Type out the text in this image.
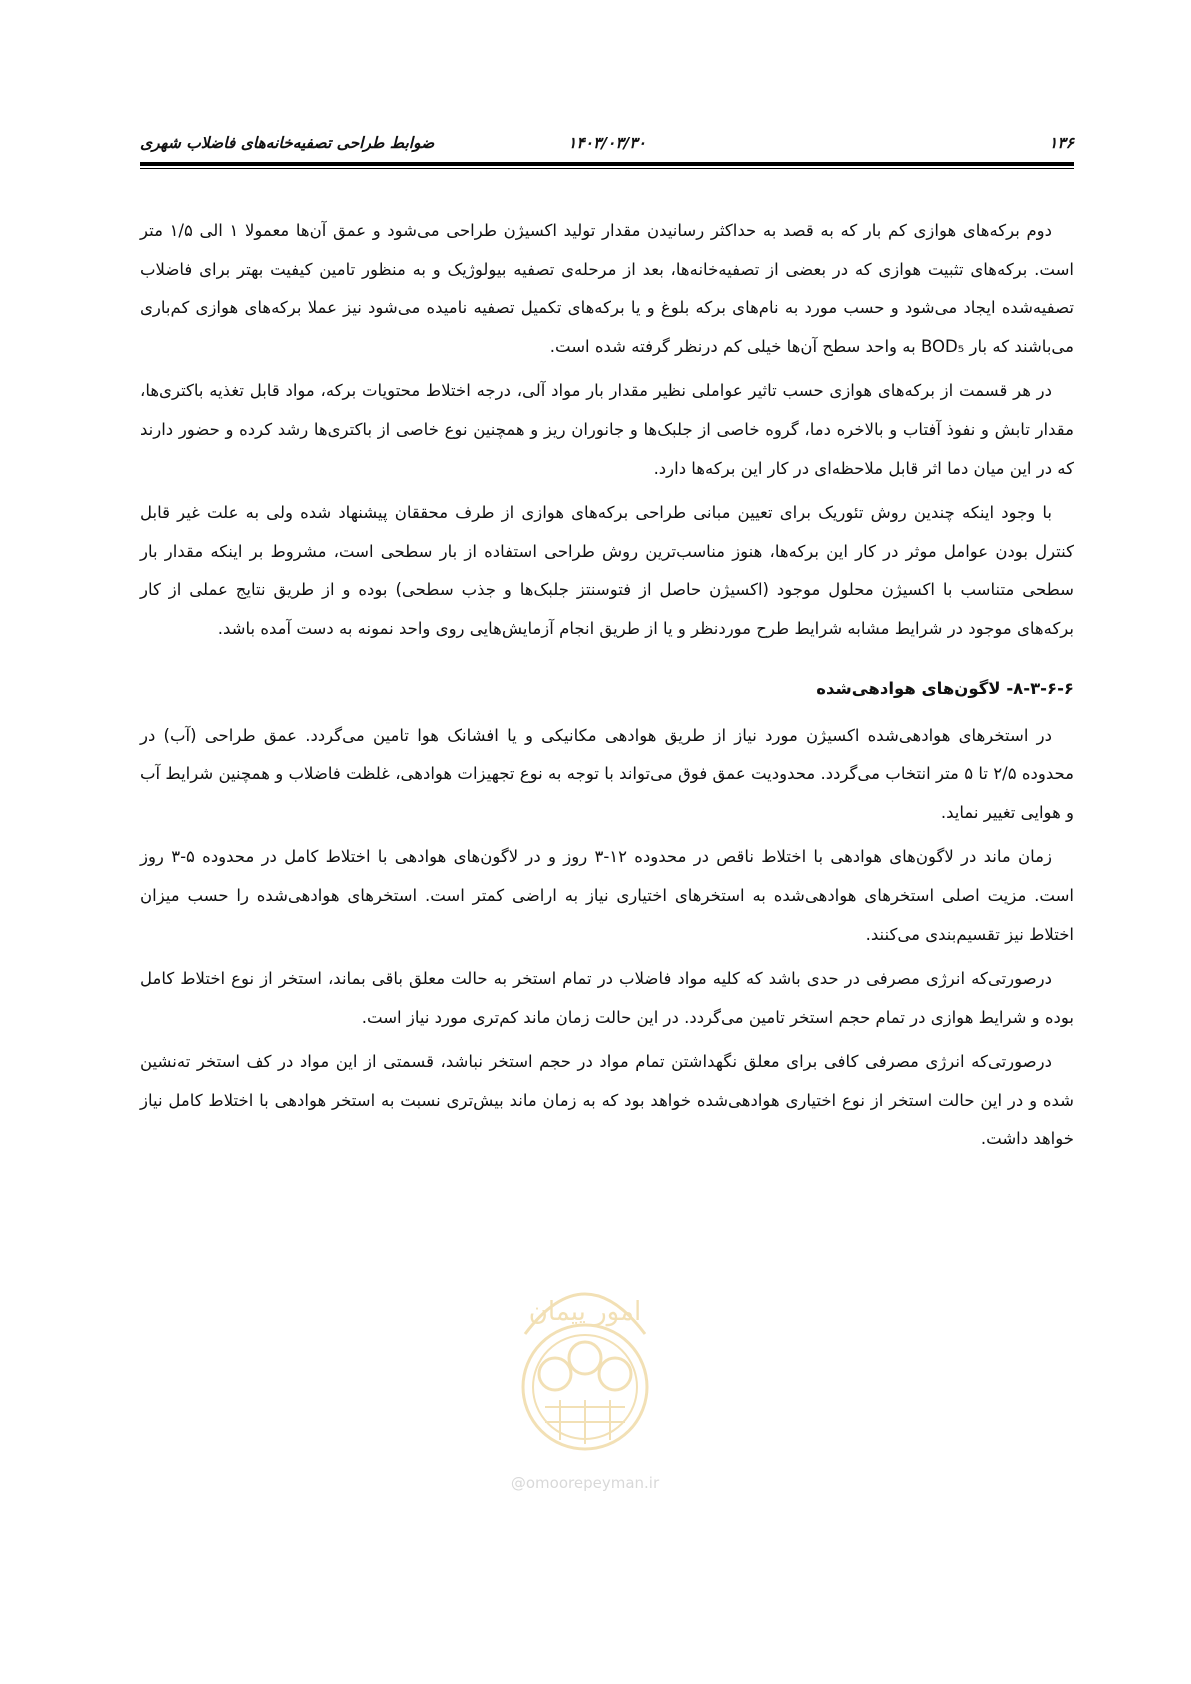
۱۳۶
۱۴۰۳/۰۳/۳۰
ضوابط طراحی تصفیه‌خانه‌های فاضلاب شهری

دوم برکه‌های هوازی کم بار که به قصد به حداکثر رسانیدن مقدار تولید اکسیژن طراحی می‌شود و عمق آن‌ها معمولا ۱ الی ۱/۵ متر است. برکه‌های تثبیت هوازی که در بعضی از تصفیه‌خانه‌ها، بعد از مرحله‌ی تصفیه بیولوژیک و به منظور تامین کیفیت بهتر برای فاضلاب تصفیه‌شده ایجاد می‌شود و حسب مورد به نام‌های برکه بلوغ و یا برکه‌های تکمیل تصفیه نامیده می‌شود نیز عملا برکه‌های هوازی کم‌باری می‌باشند که بار BOD₅ به واحد سطح آن‌ها خیلی کم درنظر گرفته شده است.

در هر قسمت از برکه‌های هوازی حسب تاثیر عواملی نظیر مقدار بار مواد آلی، درجه اختلاط محتویات برکه، مواد قابل تغذیه باکتری‌ها، مقدار تابش و نفوذ آفتاب و بالاخره دما، گروه خاصی از جلبک‌ها و جانوران ریز و همچنین نوع خاصی از باکتری‌ها رشد کرده و حضور دارند که در این میان دما اثر قابل ملاحظه‌ای در کار این برکه‌ها دارد.

با وجود اینکه چندین روش تئوریک برای تعیین مبانی طراحی برکه‌های هوازی از طرف محققان پیشنهاد شده ولی به علت غیر قابل کنترل بودن عوامل موثر در کار این برکه‌ها، هنوز مناسب‌ترین روش طراحی استفاده از بار سطحی است، مشروط بر اینکه مقدار بار سطحی متناسب با اکسیژن محلول موجود (اکسیژن حاصل از فتوسنتز جلبک‌ها و جذب سطحی) بوده و از طریق نتایج عملی از کار برکه‌های موجود در شرایط مشابه شرایط طرح موردنظر و یا از طریق انجام آزمایش‌هایی روی واحد نمونه به دست آمده باشد.

۸-۳-۶-۶- لاگون‌های هوادهی‌شده

در استخرهای هوادهی‌شده اکسیژن مورد نیاز از طریق هوادهی مکانیکی و یا افشانک هوا تامین می‌گردد. عمق طراحی (آب) در محدوده ۲/۵ تا ۵ متر انتخاب می‌گردد. محدودیت عمق فوق می‌تواند با توجه به نوع تجهیزات هوادهی، غلظت فاضلاب و همچنین شرایط آب و هوایی تغییر نماید.

زمان ماند در لاگون‌های هوادهی با اختلاط ناقص در محدوده ۱۲-۳ روز و در لاگون‌های هوادهی با اختلاط کامل در محدوده ۵-۳ روز است. مزیت اصلی استخرهای هوادهی‌شده به استخرهای اختیاری نیاز به اراضی کمتر است. استخرهای هوادهی‌شده را حسب میزان اختلاط نیز تقسیم‌بندی می‌کنند.

درصورتی‌که انرژی مصرفی در حدی باشد که کلیه مواد فاضلاب در تمام استخر به حالت معلق باقی بماند، استخر از نوع اختلاط کامل بوده و شرایط هوازی در تمام حجم استخر تامین می‌گردد. در این حالت زمان ماند کم‌تری مورد نیاز است.

درصورتی‌که انرژی مصرفی کافی برای معلق نگهداشتن تمام مواد در حجم استخر نباشد، قسمتی از این مواد در کف استخر ته‌نشین شده و در این حالت استخر از نوع اختیاری هوادهی‌شده خواهد بود که به زمان ماند بیش‌تری نسبت به استخر هوادهی با اختلاط کامل نیاز خواهد داشت.

امور پیمان
@omoorepeyman.ir
